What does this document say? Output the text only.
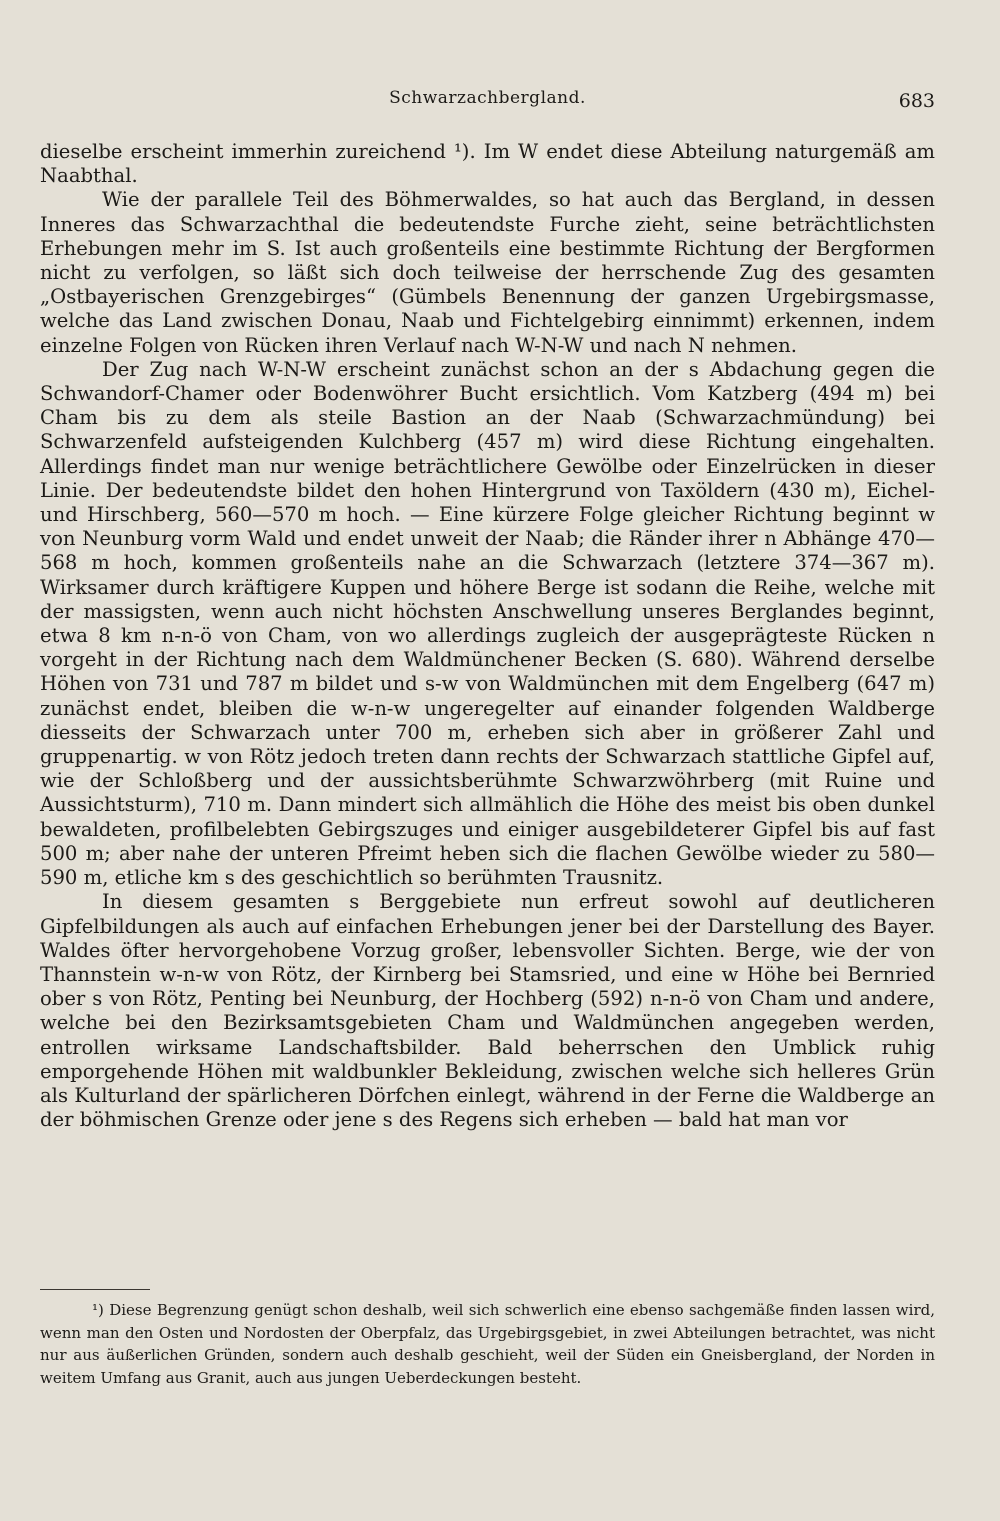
Schwarzachbergland.	683

dieselbe erscheint immerhin zureichend ¹). Im W endet diese Abteilung naturgemäß am Naabthal.

Wie der parallele Teil des Böhmerwaldes, so hat auch das Bergland, in dessen Inneres das Schwarzachthal die bedeutendste Furche zieht, seine beträchtlichsten Erhebungen mehr im S. Ist auch großenteils eine bestimmte Richtung der Bergformen nicht zu verfolgen, so läßt sich doch teilweise der herrschende Zug des gesamten „Ostbayerischen Grenzgebirges“ (Gümbels Benennung der ganzen Urgebirgsmasse, welche das Land zwischen Donau, Naab und Fichtelgebirg einnimmt) erkennen, indem einzelne Folgen von Rücken ihren Verlauf nach W-N-W und nach N nehmen.

Der Zug nach W-N-W erscheint zunächst schon an der s Abdachung gegen die Schwandorf-Chamer oder Bodenwöhrer Bucht ersichtlich. Vom Katzberg (494 m) bei Cham bis zu dem als steile Bastion an der Naab (Schwarzachmündung) bei Schwarzenfeld aufsteigenden Kulchberg (457 m) wird diese Richtung eingehalten. Allerdings findet man nur wenige beträchtlichere Gewölbe oder Einzelrücken in dieser Linie. Der bedeutendste bildet den hohen Hintergrund von Taxöldern (430 m), Eichel- und Hirschberg, 560—570 m hoch. — Eine kürzere Folge gleicher Richtung beginnt w von Neunburg vorm Wald und endet unweit der Naab; die Ränder ihrer n Abhänge 470—568 m hoch, kommen großenteils nahe an die Schwarzach (letztere 374—367 m). Wirksamer durch kräftigere Kuppen und höhere Berge ist sodann die Reihe, welche mit der massigsten, wenn auch nicht höchsten Anschwellung unseres Berglandes beginnt, etwa 8 km n-n-ö von Cham, von wo allerdings zugleich der ausgeprägteste Rücken n vorgeht in der Richtung nach dem Waldmünchener Becken (S. 680). Während derselbe Höhen von 731 und 787 m bildet und s-w von Waldmünchen mit dem Engelberg (647 m) zunächst endet, bleiben die w-n-w ungeregelter auf einander folgenden Waldberge diesseits der Schwarzach unter 700 m, erheben sich aber in größerer Zahl und gruppenartig. w von Rötz jedoch treten dann rechts der Schwarzach stattliche Gipfel auf, wie der Schloßberg und der aussichtsberühmte Schwarzwöhrberg (mit Ruine und Aussichtsturm), 710 m. Dann mindert sich allmählich die Höhe des meist bis oben dunkel bewaldeten, profilbelebten Gebirgszuges und einiger ausgebildeterer Gipfel bis auf fast 500 m; aber nahe der unteren Pfreimt heben sich die flachen Gewölbe wieder zu 580—590 m, etliche km s des geschichtlich so berühmten Trausnitz.

In diesem gesamten s Berggebiete nun erfreut sowohl auf deutlicheren Gipfelbildungen als auch auf einfachen Erhebungen jener bei der Darstellung des Bayer. Waldes öfter hervorgehobene Vorzug großer, lebensvoller Sichten. Berge, wie der von Thannstein w-n-w von Rötz, der Kirnberg bei Stamsried, und eine w Höhe bei Bernried ober s von Rötz, Penting bei Neunburg, der Hochberg (592) n-n-ö von Cham und andere, welche bei den Bezirksamtsgebieten Cham und Waldmünchen angegeben werden, entrollen wirksame Landschaftsbilder. Bald beherrschen den Umblick ruhig emporgehende Höhen mit waldbunkler Bekleidung, zwischen welche sich helleres Grün als Kulturland der spärlicheren Dörfchen einlegt, während in der Ferne die Waldberge an der böhmischen Grenze oder jene s des Regens sich erheben — bald hat man vor

¹) Diese Begrenzung genügt schon deshalb, weil sich schwerlich eine ebenso sachgemäße finden lassen wird, wenn man den Osten und Nordosten der Oberpfalz, das Urgebirgsgebiet, in zwei Abteilungen betrachtet, was nicht nur aus äußerlichen Gründen, sondern auch deshalb geschieht, weil der Süden ein Gneisbergland, der Norden in weitem Umfang aus Granit, auch aus jungen Ueberdeckungen besteht.
